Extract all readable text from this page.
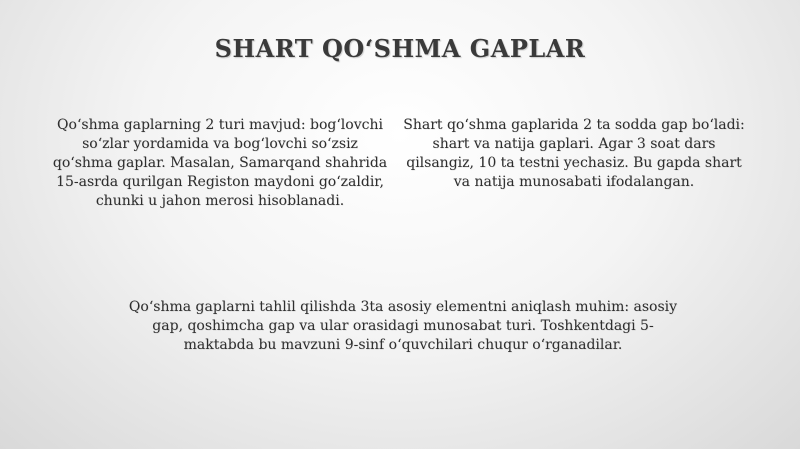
SHART QO‘SHMA GAPLAR
Qo‘shma gaplarning 2 turi mavjud: bog‘lovchi so‘zlar yordamida va bog‘lovchi so‘zsiz qo‘shma gaplar. Masalan, Samarqand shahrida 15-asrda qurilgan Registon maydoni go‘zaldir, chunki u jahon merosi hisoblanadi.
Shart qo‘shma gaplarida 2 ta sodda gap bo‘ladi: shart va natija gaplari. Agar 3 soat dars qilsangiz, 10 ta testni yechasiz. Bu gapda shart va natija munosabati ifodalangan.
Qo‘shma gaplarni tahlil qilishda 3ta asosiy elementni aniqlash muhim: asosiy gap, qoshimcha gap va ular orasidagi munosabat turi. Toshkentdagi 5-maktabda bu mavzuni 9-sinf o‘quvchilari chuqur o‘rganadilar.
